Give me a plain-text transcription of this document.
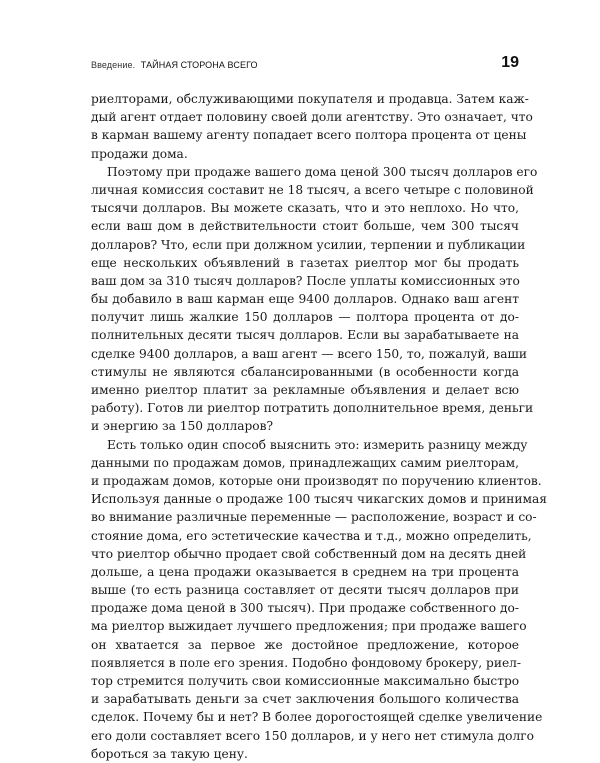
Введение. ТАЙНАЯ СТОРОНА ВСЕГО	19
риелторами, обслуживающими покупателя и продавца. Затем каж-
дый агент отдает половину своей доли агентству. Это означает, что
в карман вашему агенту попадает всего полтора процента от цены
продажи дома.
Поэтому при продаже вашего дома ценой 300 тысяч долларов его
личная комиссия составит не 18 тысяч, а всего четыре с половиной
тысячи долларов. Вы можете сказать, что и это неплохо. Но что,
если ваш дом в действительности стоит больше, чем 300 тысяч
долларов? Что, если при должном усилии, терпении и публикации
еще нескольких объявлений в газетах риелтор мог бы продать
ваш дом за 310 тысяч долларов? После уплаты комиссионных это
бы добавило в ваш карман еще 9400 долларов. Однако ваш агент
получит лишь жалкие 150 долларов — полтора процента от до-
полнительных десяти тысяч долларов. Если вы зарабатываете на
сделке 9400 долларов, а ваш агент — всего 150, то, пожалуй, ваши
стимулы не являются сбалансированными (в особенности когда
именно риелтор платит за рекламные объявления и делает всю
работу). Готов ли риелтор потратить дополнительное время, деньги
и энергию за 150 долларов?
Есть только один способ выяснить это: измерить разницу между
данными по продажам домов, принадлежащих самим риелторам,
и продажам домов, которые они производят по поручению клиентов.
Используя данные о продаже 100 тысяч чикагских домов и принимая
во внимание различные переменные — расположение, возраст и со-
стояние дома, его эстетические качества и т.д., можно определить,
что риелтор обычно продает свой собственный дом на десять дней
дольше, а цена продажи оказывается в среднем на три процента
выше (то есть разница составляет от десяти тысяч долларов при
продаже дома ценой в 300 тысяч). При продаже собственного до-
ма риелтор выжидает лучшего предложения; при продаже вашего
он хватается за первое же достойное предложение, которое
появляется в поле его зрения. Подобно фондовому брокеру, риел-
тор стремится получить свои комиссионные максимально быстро
и зарабатывать деньги за счет заключения большого количества
сделок. Почему бы и нет? В более дорогостоящей сделке увеличение
его доли составляет всего 150 долларов, и у него нет стимула долго
бороться за такую цену.
